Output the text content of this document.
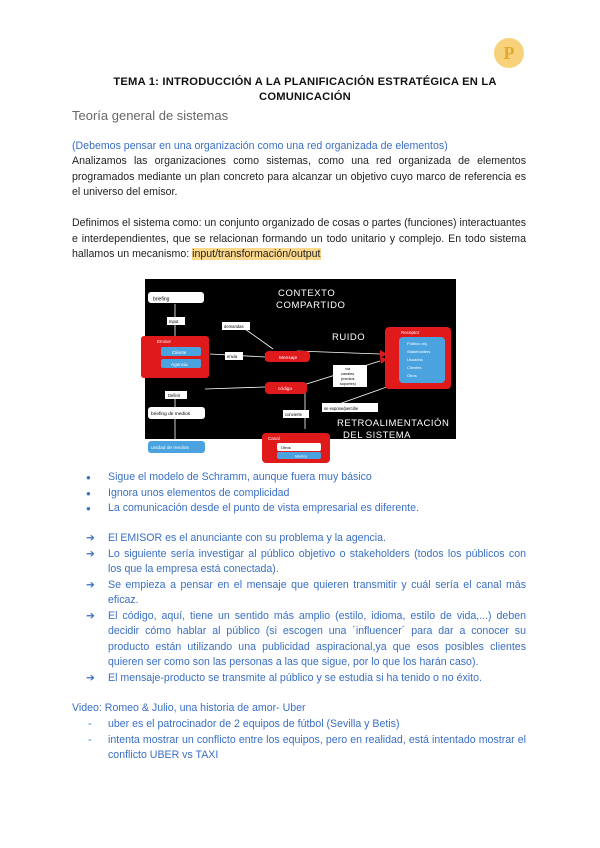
P
TEMA 1: INTRODUCCIÓN A LA PLANIFICACIÓN ESTRATÉGICA EN LA COMUNICACIÓN
Teoría general de sistemas
(Debemos pensar en una organización como una red organizada de elementos)
Analizamos las organizaciones como sistemas, como una red organizada de elementos programados mediante un plan concreto para alcanzar un objetivo cuyo marco de referencia es el universo del emisor.
Definimos el sistema como: un conjunto organizado de cosas o partes (funciones) interactuantes e interdependientes, que se relacionan formando un todo unitario y complejo. En todo sistema hallamos un mecanismo: input/transformación/output
CONTEXTO
COMPARTIDO
RUIDO
RETROALIMENTACIÓN
DEL SISTEMA
briefing
Input
demandas
Emisor
Cliente
Agencia
envía	Mensaje
Receptor
Público obj.
Stakeholders
Usuarios
Clientes
Otros
vía
canales
(medios
soportes)
código
Definir
briefing de medios	convierte
se expone/percibe
unidad de medios
Canal
Otros
Medios
●	Sigue el modelo de Schramm, aunque fuera muy básico
●	Ignora unos elementos de complicidad
●	La comunicación desde el punto de vista empresarial es diferente.
➔	El EMISOR es el anunciante con su problema y la agencia.
➔	Lo siguiente sería investigar al público objetivo o stakeholders (todos los públicos con los que la empresa está conectada).
➔	Se empieza a pensar en el mensaje que quieren transmitir y cuál sería el canal más eficaz.
➔	El código, aquí, tiene un sentido más amplio (estilo, idioma, estilo de vida,...) deben decidir cómo hablar al público (si escogen una ´influencer´ para dar a conocer su producto están utilizando una publicidad aspiracional,ya que esos posibles clientes quieren ser como son las personas a las que sigue, por lo que los harán caso).
➔	El mensaje-producto se transmite al público y se estudia si ha tenido o no éxito.
Video: Romeo & Julio, una historia de amor- Uber
- uber es el patrocinador de 2 equipos de fútbol (Sevilla y Betis)
- intenta mostrar un conflicto entre los equipos, pero en realidad, está intentado mostrar el conflicto UBER vs TAXI
